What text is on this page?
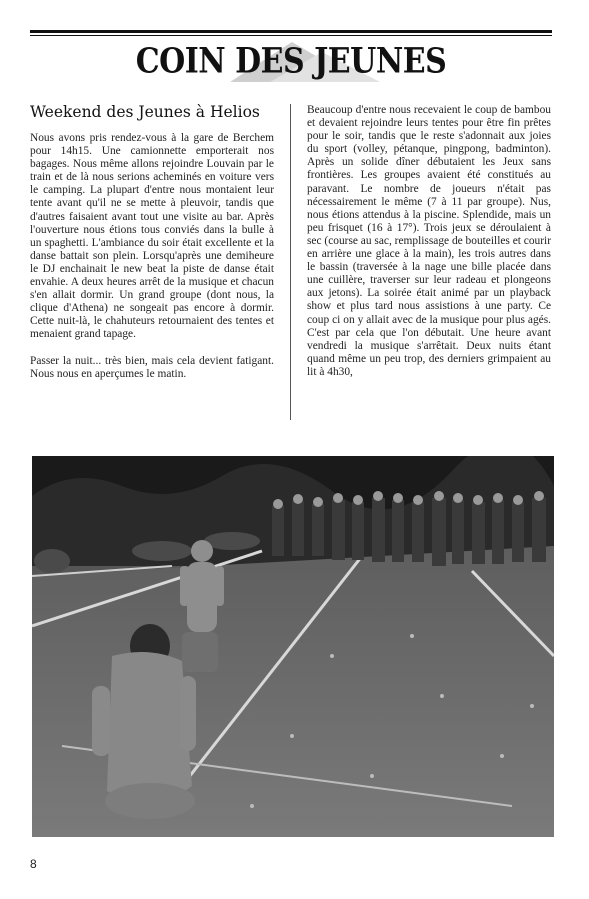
COIN DES JEUNES
Weekend des Jeunes à Helios

Nous avons pris rendez-vous à la gare de Berchem pour 14h15. Une camionnette emporterait nos bagages. Nous même allons rejoindre Louvain par le train et de là nous serions acheminés en voiture vers le camping. La plupart d'entre nous montaient leur tente avant qu'il ne se mette à pleuvoir, tandis que d'autres faisaient avant tout une visite au bar. Après l'ouverture nous étions tous conviés dans la bulle à un spaghetti. L'ambiance du soir était excellente et la danse battait son plein. Lorsqu'après une demiheure le DJ enchainait le new beat la piste de danse était envahie. A deux heures arrêt de la musique et chacun s'en allait dormir. Un grand groupe (dont nous, la clique d'Athena) ne songeait pas encore à dormir. Cette nuit-là, le chahuteurs retournaient des tentes et menaient grand tapage.

Passer la nuit... très bien, mais cela devient fatigant. Nous nous en aperçumes le matin.

Beaucoup d'entre nous recevaient le coup de bambou et devaient rejoindre leurs tentes pour être fin prêtes pour le soir, tandis que le reste s'adonnait aux joies du sport (volley, pétanque, pingpong, badminton). Après un solide dîner débutaient les Jeux sans frontières. Les groupes avaient été constitués au paravant. Le nombre de joueurs n'était pas nécessairement le même (7 à 11 par groupe). Nus, nous étions attendus à la piscine. Splendide, mais un peu frisquet (16 à 17°). Trois jeux se déroulaient à sec (course au sac, remplissage de bouteilles et courir en arrière une glace à la main), les trois autres dans le bassin (traversée à la nage une bille placée dans une cuillère, traverser sur leur radeau et plongeons aux jetons). La soirée était animé par un playback show et plus tard nous assistions à une party. Ce coup ci on y allait avec de la musique pour plus agés. C'est par cela que l'on débutait. Une heure avant vendredi la musique s'arrêtait. Deux nuits étant quand même un peu trop, des derniers grimpaient au lit à 4h30,

8
